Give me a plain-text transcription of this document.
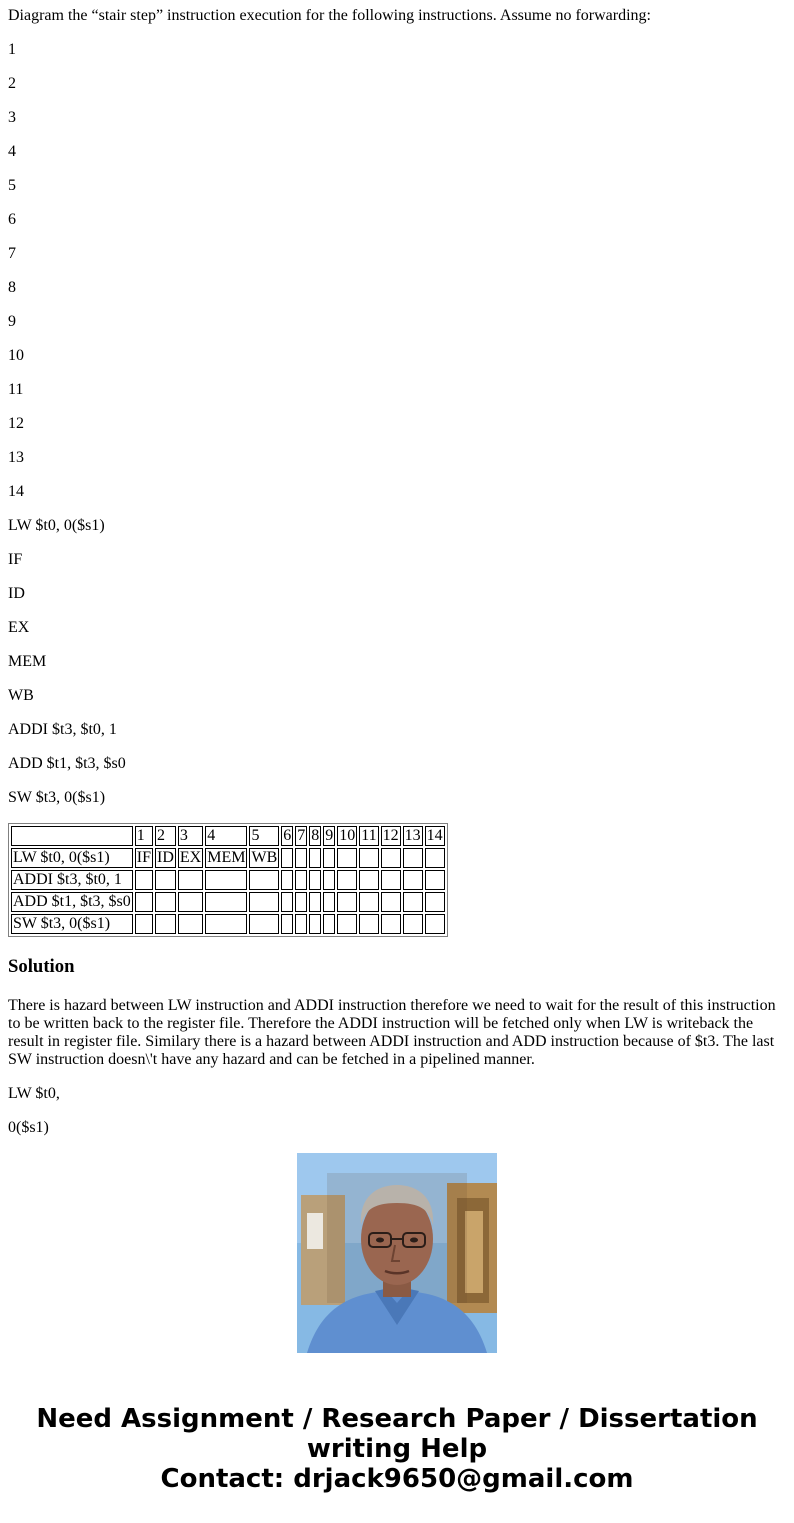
Diagram the “stair step” instruction execution for the following instructions. Assume no forwarding:

1

2

3

4

5

6

7

8

9

10

11

12

13

14

LW $t0, 0($s1)

IF

ID

EX

MEM

WB

ADDI $t3, $t0, 1

ADD $t1, $t3, $s0

SW $t3, 0($s1)

	1	2	3	4	5	6	7	8	9	10	11	12	13	14
LW $t0, 0($s1)	IF	ID	EX	MEM	WB									
ADDI $t3, $t0, 1														
ADD $t1, $t3, $s0														
SW $t3, 0($s1)														
Solution

There is hazard between LW instruction and ADDI instruction therefore we need to wait for the result of this instruction to be written back to the register file. Therefore the ADDI instruction will be fetched only when LW is writeback the result in register file. Similary there is a hazard between ADDI instruction and ADD instruction because of $t3. The last SW instruction doesn\'t have any hazard and can be fetched in a pipelined manner.

LW $t0,

0($s1)

Need Assignment / Research Paper / Dissertation
writing Help
Contact: drjack9650@gmail.com
